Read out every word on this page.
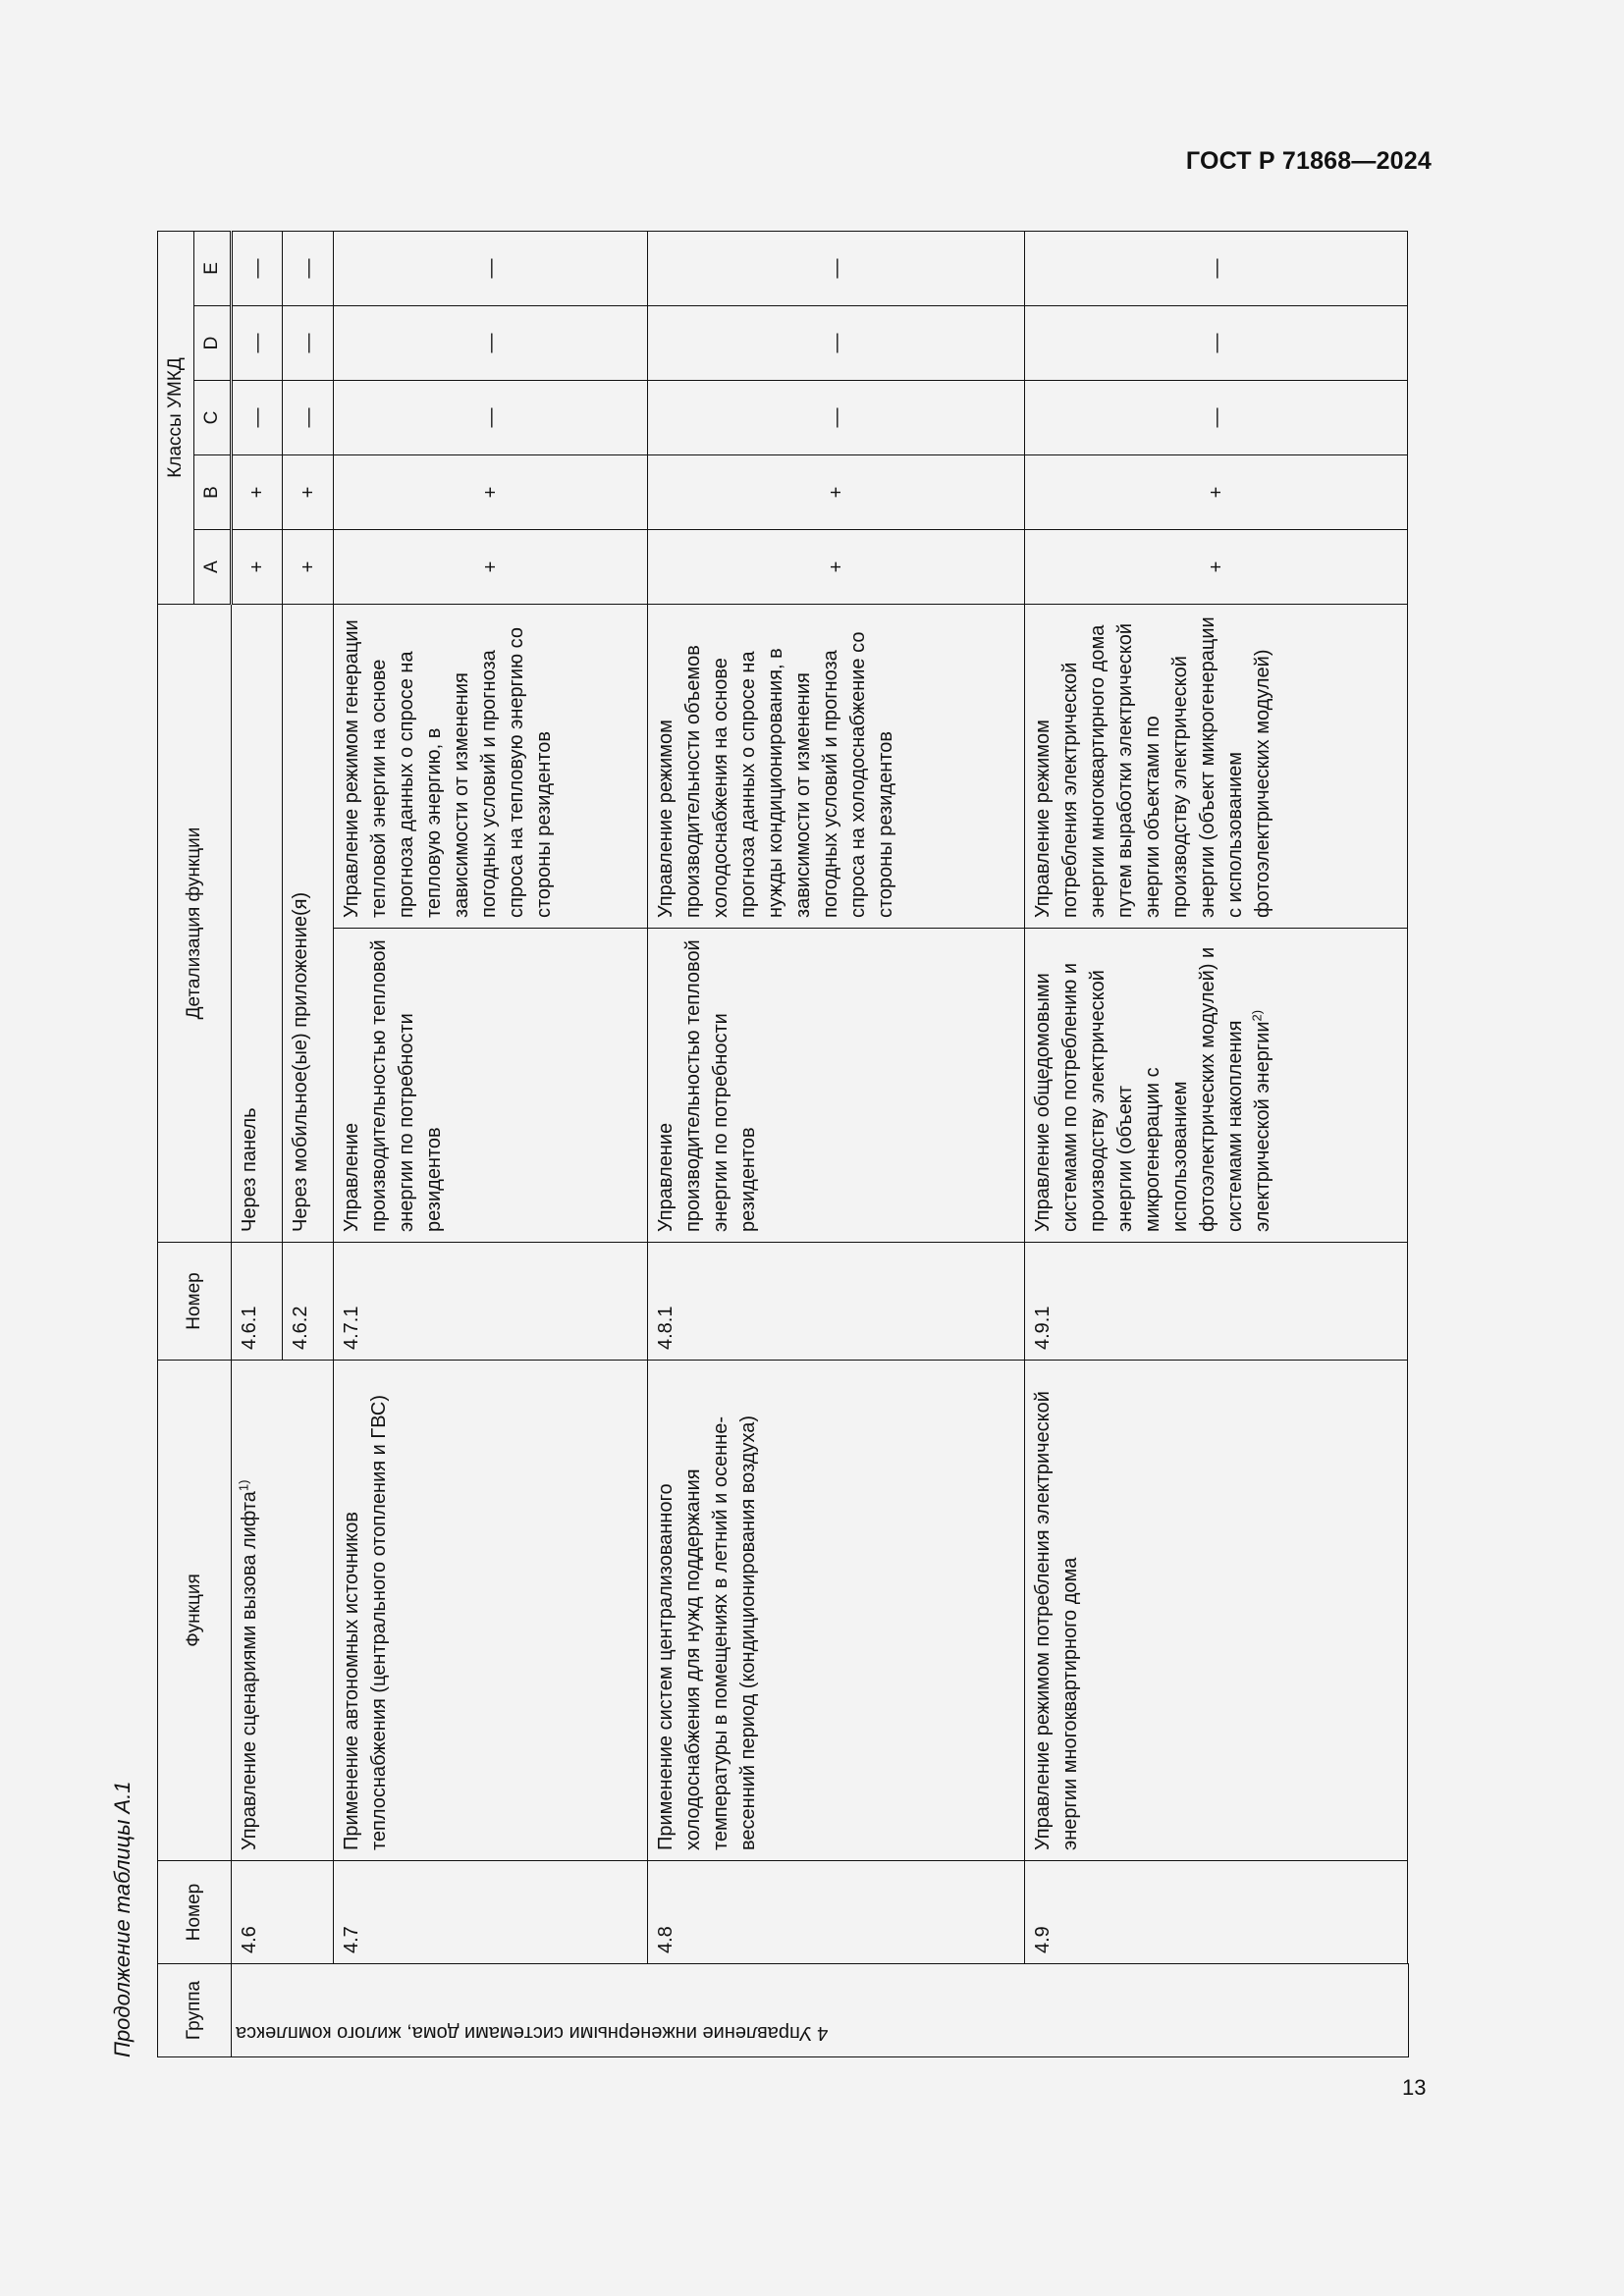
ГОСТ Р 71868—2024
Продолжение таблицы А.1
13
Группа	Номер	Функция	Номер	Детализация функции		Классы УМКД				
						A	B	C	D	E
4 Управление инженерными системами дома, жилого комплекса	4.6	Управление сценариями вызова лифта$^{1)}$	4.6.1	Через панель		+	+	—	—	—
			4.6.2	Через мобильное(ые) приложение(я)		+	+	—	—	—
	4.7	Применение автономных источников теплоснабжения (центрального отопления и ГВС)	4.7.1	Управление производительностью тепловой энергии по потребности резидентов	Управление режимом генерации тепловой энергии на основе прогноза данных о спросе на тепловую энергию, в зависимости от изменения погодных условий и прогноза спроса на тепловую энергию со стороны резидентов	+	+	—	—	—
	4.8	Применение систем централизованного холодоснабжения для нужд поддержания температуры в помещениях в летний и осенне-весенний период (кондиционирования воздуха)	4.8.1	Управление производительностью тепловой энергии по потребности резидентов	Управление режимом производительности объемов холодоснабжения на основе прогноза данных о спросе на нужды кондиционирования, в зависимости от изменения погодных условий и прогноза спроса на холодоснабжение со стороны резидентов	+	+	—	—	—
	4.9	Управление режимом потребления электрической энергии многоквартирного дома	4.9.1	Управление общедомовыми системами по потреблению и производству электрической энергии (объект микрогенерации с использованием фотоэлектрических модулей) и системами накопления электрической энергии$^{2)}$	Управление режимом потребления электрической энергии многоквартирного дома путем выработки электрической энергии объектами по производству электрической энергии (объект микрогенерации с использованием фотоэлектрических модулей)	+	+	—	—	—
